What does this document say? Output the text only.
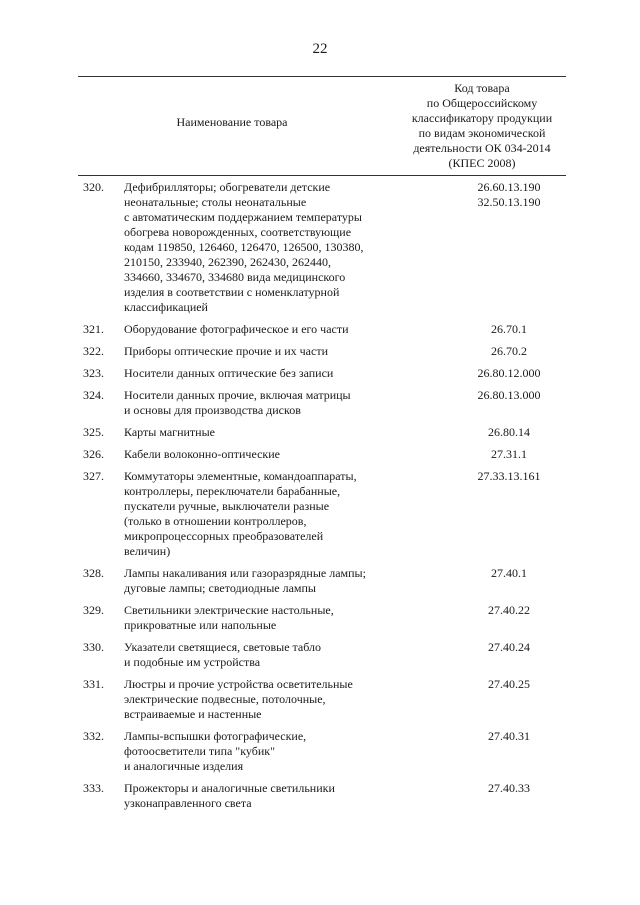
22
Наименование товара
Код товара
по Общероссийскому
классификатору продукции
по видам экономической
деятельности ОК 034-2014
(КПЕС 2008)
320.	Дефибрилляторы; обогреватели детские
неонатальные; столы неонатальные
с автоматическим поддержанием температуры
обогрева новорожденных, соответствующие
кодам 119850, 126460, 126470, 126500, 130380,
210150, 233940, 262390, 262430, 262440,
334660, 334670, 334680 вида медицинского
изделия в соответствии с номенклатурной
классификацией
26.60.13.190
32.50.13.190
321.	Оборудование фотографическое и его части	26.70.1
322.	Приборы оптические прочие и их части	26.70.2
323.	Носители данных оптические без записи	26.80.12.000
324.	Носители данных прочие, включая матрицы
и основы для производства дисков
26.80.13.000
325.	Карты магнитные	26.80.14
326.	Кабели волоконно-оптические	27.31.1
327.	Коммутаторы элементные, командоаппараты,
контроллеры, переключатели барабанные,
пускатели ручные, выключатели разные
(только в отношении контроллеров,
микропроцессорных преобразователей
величин)
27.33.13.161
328.	Лампы накаливания или газоразрядные лампы;
дуговые лампы; светодиодные лампы
27.40.1
329.	Светильники электрические настольные,
прикроватные или напольные
27.40.22
330.	Указатели светящиеся, световые табло
и подобные им устройства
27.40.24
331.	Люстры и прочие устройства осветительные
электрические подвесные, потолочные,
встраиваемые и настенные
27.40.25
332.	Лампы-вспышки фотографические,
фотоосветители типа "кубик"
и аналогичные изделия
27.40.31
333.	Прожекторы и аналогичные светильники
узконаправленного света
27.40.33
